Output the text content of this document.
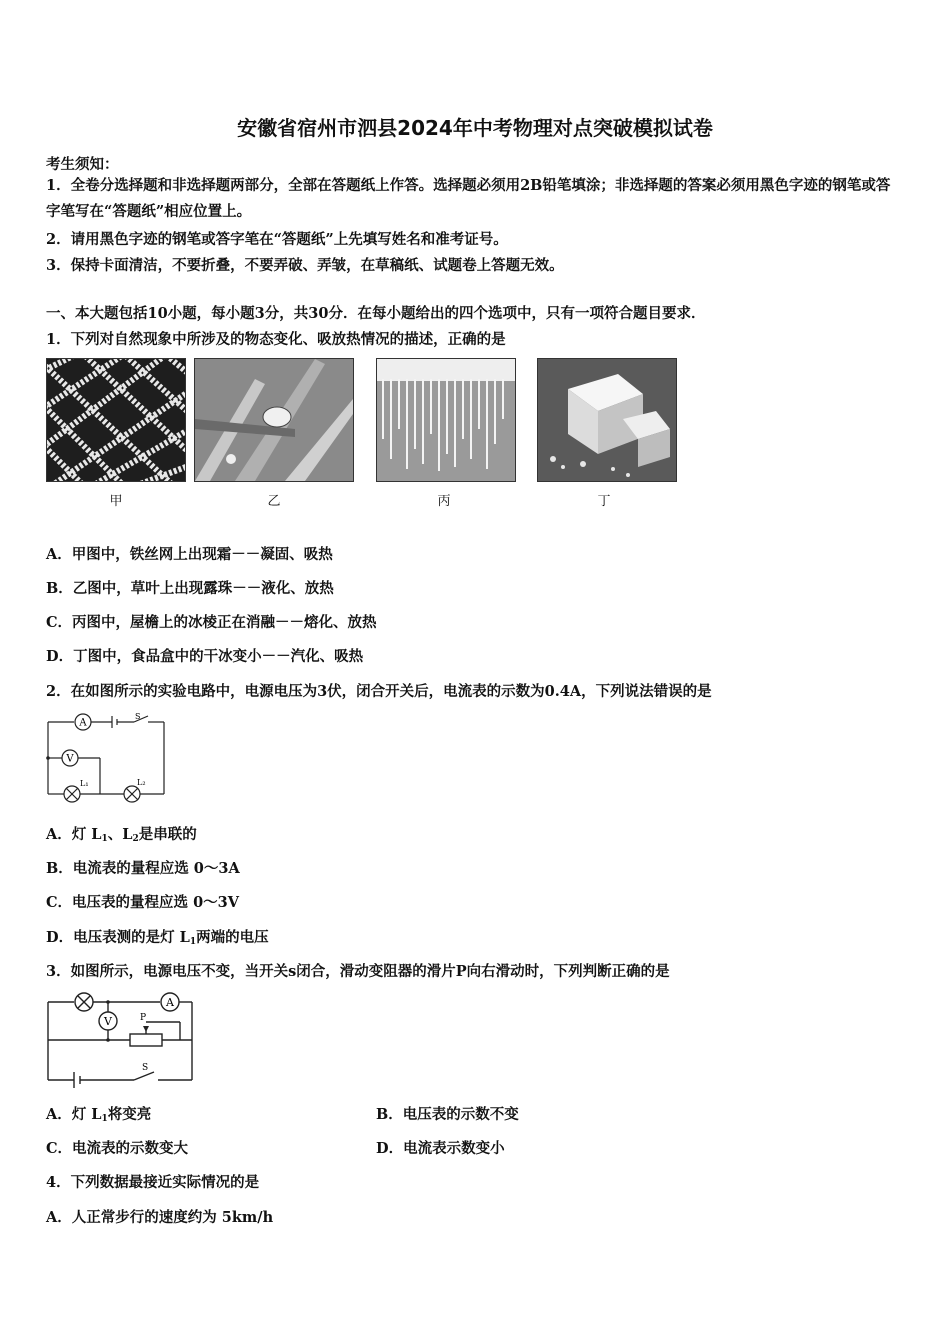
安徽省宿州市泗县2024年中考物理对点突破模拟试卷
考生须知：
1．全卷分选择题和非选择题两部分，全部在答题纸上作答。选择题必须用2B铅笔填涂；非选择题的答案必须用黑色字迹的钢笔或答字笔写在“答题纸”相应位置上。
2．请用黑色字迹的钢笔或答字笔在“答题纸”上先填写姓名和准考证号。
3．保持卡面清洁，不要折叠，不要弄破、弄皱，在草稿纸、试题卷上答题无效。
一、本大题包括10小题，每小题3分，共30分．在每小题给出的四个选项中，只有一项符合题目要求．
1．下列对自然现象中所涉及的物态变化、吸放热情况的描述，正确的是
甲	乙	丙	丁
A．甲图中，铁丝网上出现霜－－凝固、吸热
B．乙图中，草叶上出现露珠－－液化、放热
C．丙图中，屋檐上的冰棱正在消融－－熔化、放热
D．丁图中，食品盒中的干冰变小－－汽化、吸热
2．在如图所示的实验电路中，电源电压为3伏，闭合开关后，电流表的示数为0.4A，下列说法错误的是
A
V
S
L₁	L₂
A．灯 $L_1$、$L_2$是串联的
B．电流表的量程应选 0～3A
C．电压表的量程应选 0～3V
D．电压表测的是灯 $L_1$两端的电压
3．如图所示，电源电压不变，当开关s闭合，滑动变阻器的滑片P向右滑动时，下列判断正确的是
A
V	P
S
A．灯 $L_1$将变亮	B．电压表的示数不变
C．电流表的示数变大	D．电流表示数变小
4．下列数据最接近实际情况的是
A．人正常步行的速度约为 5km/h
